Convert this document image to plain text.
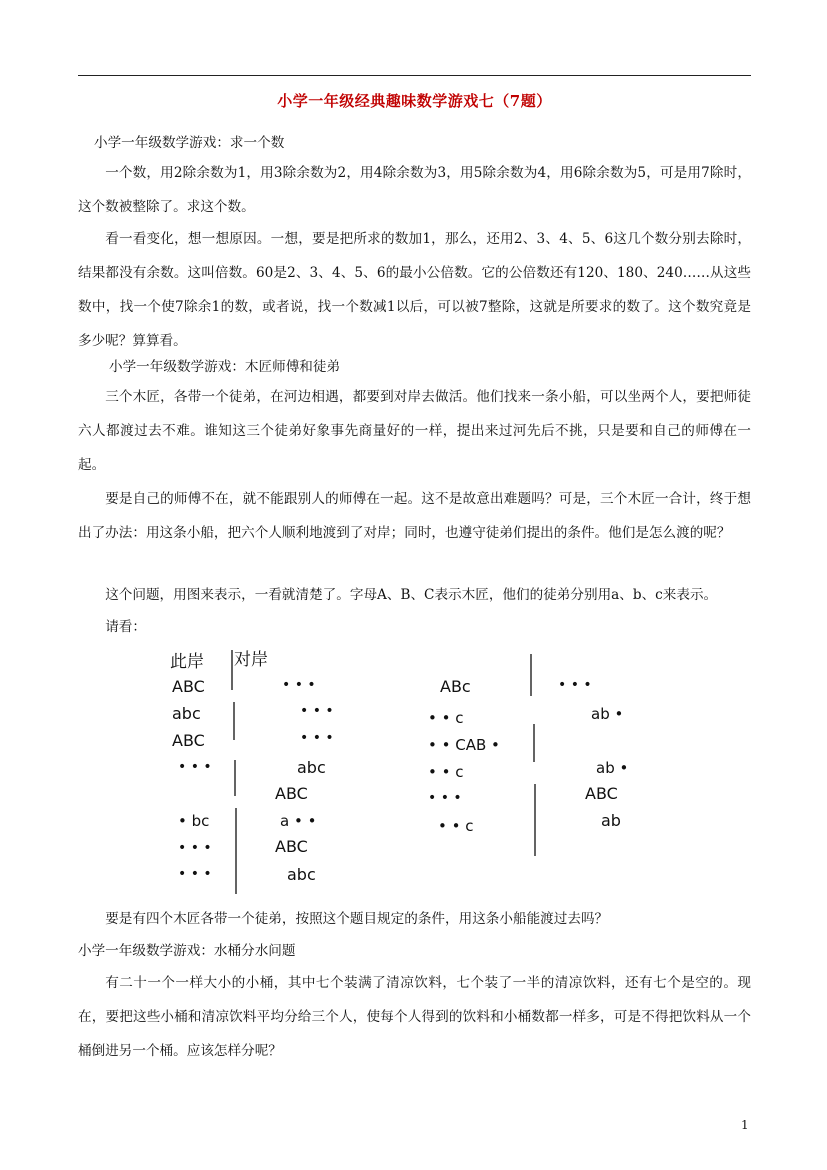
小学一年级经典趣味数学游戏七（7题）
小学一年级数学游戏：求一个数
一个数，用2除余数为1，用3除余数为2，用4除余数为3，用5除余数为4，用6除余数为5，可是用7除时，这个数被整除了。求这个数。
看一看变化，想一想原因。一想，要是把所求的数加1，那么，还用2、3、4、5、6这几个数分别去除时，结果都没有余数。这叫倍数。60是2、3、4、5、6的最小公倍数。它的公倍数还有120、180、240……从这些数中，找一个使7除余1的数，或者说，找一个数减1以后，可以被7整除，这就是所要求的数了。这个数究竟是多少呢？算算看。
小学一年级数学游戏：木匠师傅和徒弟
三个木匠，各带一个徒弟，在河边相遇，都要到对岸去做活。他们找来一条小船，可以坐两个人，要把师徒六人都渡过去不难。谁知这三个徒弟好象事先商量好的一样，提出来过河先后不挑，只是要和自己的师傅在一起。
要是自己的师傅不在，就不能跟别人的师傅在一起。这不是故意出难题吗？可是，三个木匠一合计，终于想出了办法：用这条小船，把六个人顺利地渡到了对岸；同时，也遵守徒弟们提出的条件。他们是怎么渡的呢？
这个问题，用图来表示，一看就清楚了。字母A、B、C表示木匠，他们的徒弟分别用a、b、c来表示。
请看：
此岸 对岸
ABC	• • •
abc	• • •
ABC	• • •
• • •	abc
ABC
• bc	a • •
ABC
• • •
abc
• • •
ABc	• • •
• • c	ab •
• • CAB •
• • c	ab •
• • •	ABC
• • c	ab
要是有四个木匠各带一个徒弟，按照这个题目规定的条件，用这条小船能渡过去吗？
小学一年级数学游戏：水桶分水问题
有二十一个一样大小的小桶，其中七个装满了清凉饮料，七个装了一半的清凉饮料，还有七个是空的。现在，要把这些小桶和清凉饮料平均分给三个人，使每个人得到的饮料和小桶数都一样多，可是不得把饮料从一个桶倒进另一个桶。应该怎样分呢？
1
